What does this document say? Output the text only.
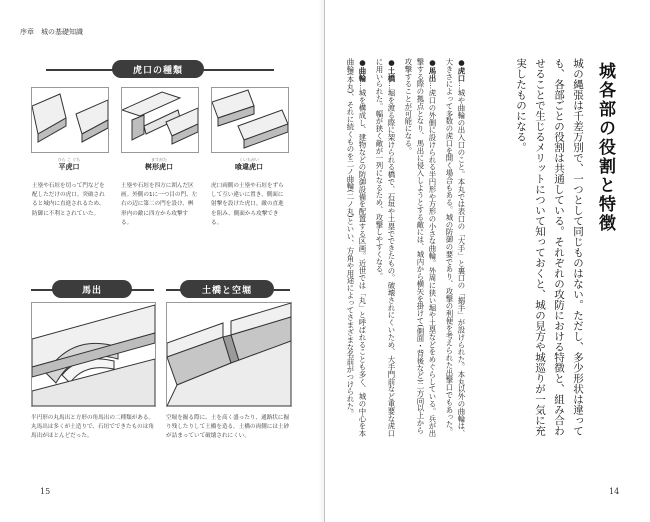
序章　城の基礎知識
虎口の種類
ひら こ ぐち
平虎口
ますがた
桝形虎口
くいちがい
喰違虎口
土塁や石垣を切って門などを配しただけの虎口。突破されると城内に直進されるため、防御に不利とされていた。
土塁や石垣を四方に囲んだ区画。外側の1に一つ目の門、左右の辺に第二の門を設け、桝形内の敵に四方から攻撃する。
虎口両側の土塁や石垣をずらして互い違いに置き、側面に射撃を設けた虎口。敵の直進を阻み、側面から攻撃できる。
馬出
半円形の丸馬出と方形の角馬出の二種類がある。丸馬出は多くが土造りで、石垣でできたものは角馬出がほとんどだった。
土橋と空堀
空堀を掘る際に、土を高く盛ったり、通路状に掘り残したりして土橋を造る。土橋の両側には土砂が詰まっていて破壊されにくい。
15
城各部の役割と特徴
城の縄張は千差万別で、一つとして同じものはない。ただし、多少形状は違っても、各部ごとの役割は共通している。それぞれの攻防における特徴と、組み合わせることで生じるメリットについて知っておくと、城の見方や城巡りが一気に充実したものになる。
●虎口…城や曲輪の出入口のこと。本丸では表口の「大手」と裏口の「搦手」が設けられた。本丸以外の曲輪は、大きさによって多数の虎口を開く場合もある。城の防御の要であり、攻撃の利便を考えられた出撃口でもあった。
●馬出…虎口の外側に設けられる半円形や方形の小さな曲輪。外周に狭い堀や土塁などをめぐらしている。兵が出撃する際の拠点となり、馬出に侵入しようとする敵には、城内から横矢を掛けて(側面・背後など)二方向以上から攻撃することが可能になる。
●土橋…堀を渡る際に架けられる橋で、石垣や土塁でできたもの。破壊されにくいため、大手門前など重要な虎口に用いられた。幅が狭く敵が一列になるため、攻撃しやすくなる。
●曲輪…城を構成し、建物などの防御設備を配置する区画。近世では「丸」と呼ばれることも多く、城の中心を本曲輪(本丸)、それに続くものを二ノ曲輪(二ノ丸)といい、方角や用途によってさまざまな名前がつけられた。
14
